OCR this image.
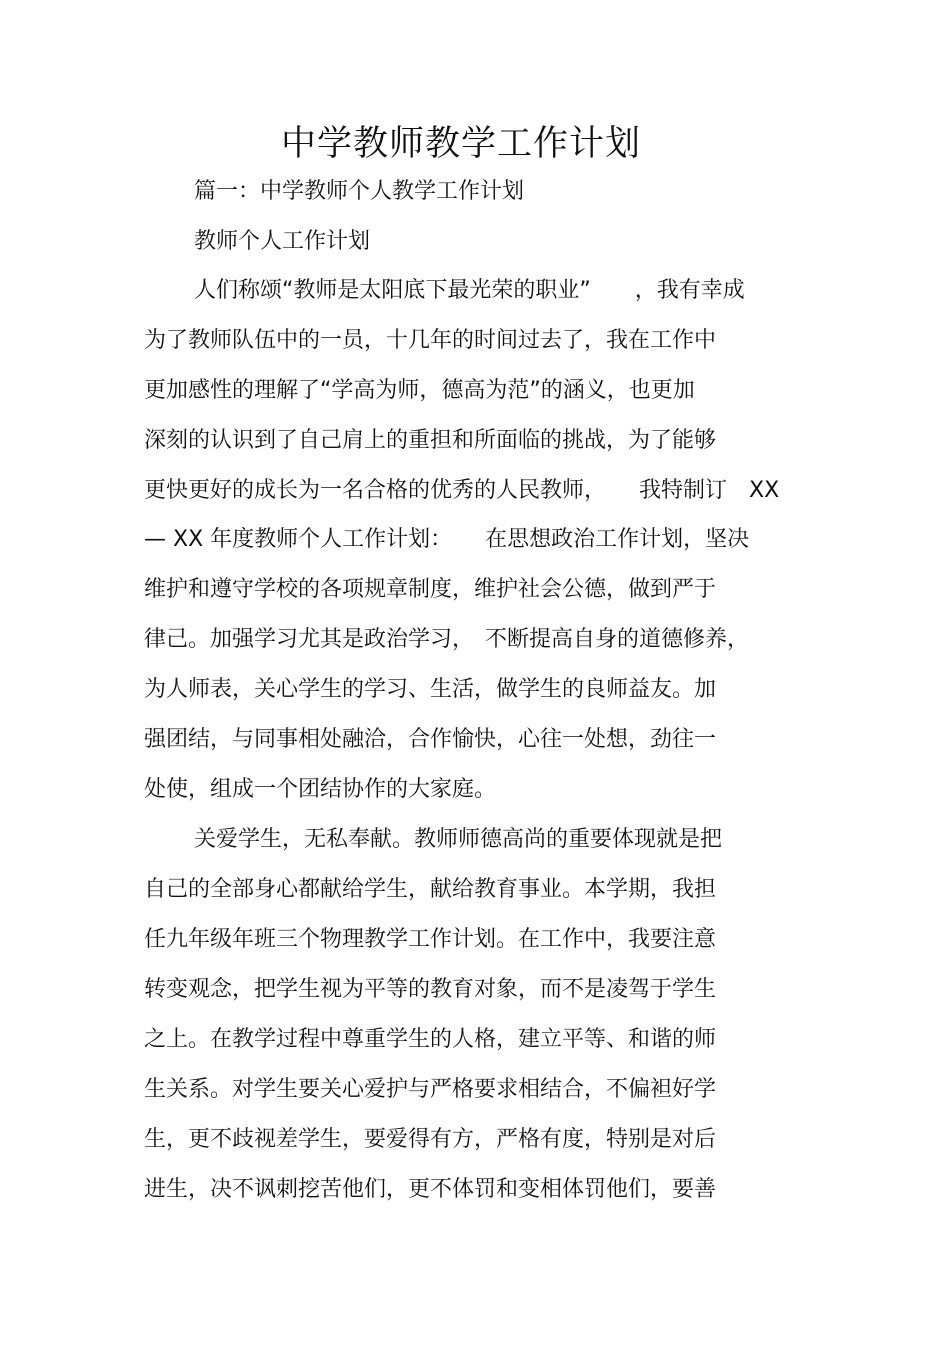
中学教师教学工作计划
篇一：中学教师个人教学工作计划
教师个人工作计划
人们称颂“教师是太阳底下最光荣的职业”　　，我有幸成
为了教师队伍中的一员，十几年的时间过去了，我在工作中
更加感性的理解了“学高为师，德高为范”的涵义，也更加
深刻的认识到了自己肩上的重担和所面临的挑战，为了能够
更快更好的成长为一名合格的优秀的人民教师，　　我特制订　XX
— XX 年度教师个人工作计划：　　在思想政治工作计划，坚决
维护和遵守学校的各项规章制度，维护社会公德，做到严于
律己。加强学习尤其是政治学习，　不断提高自身的道德修养，
为人师表，关心学生的学习、生活，做学生的良师益友。加
强团结，与同事相处融洽，合作愉快，心往一处想，劲往一
处使，组成一个团结协作的大家庭。
关爱学生，无私奉献。教师师德高尚的重要体现就是把
自己的全部身心都献给学生，献给教育事业。本学期，我担
任九年级年班三个物理教学工作计划。在工作中，我要注意
转变观念，把学生视为平等的教育对象，而不是凌驾于学生
之上。在教学过程中尊重学生的人格，建立平等、和谐的师
生关系。对学生要关心爱护与严格要求相结合，不偏袒好学
生，更不歧视差学生，要爱得有方，严格有度，特别是对后
进生，决不讽刺挖苦他们，更不体罚和变相体罚他们，要善
